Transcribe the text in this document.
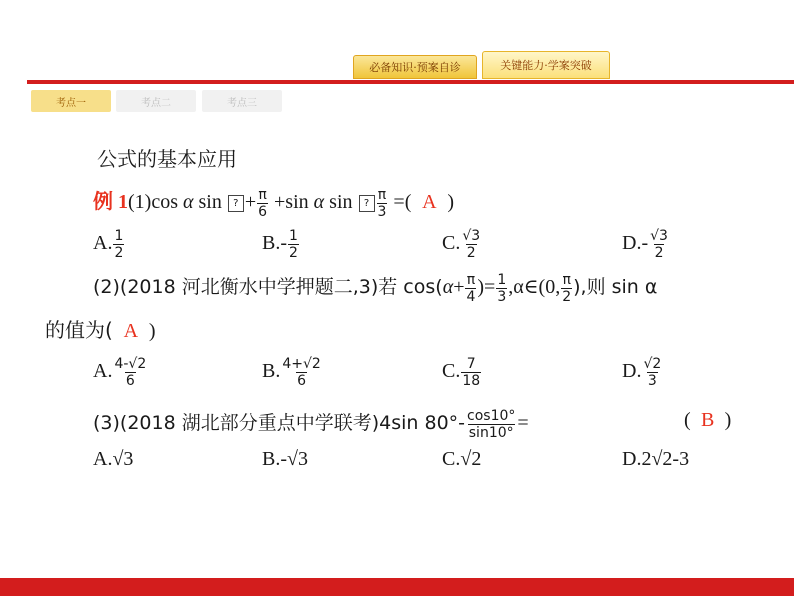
必备知识·预案自诊	关键能力·学案突破
考点一	考点二	考点三
公式的基本应用
例 1(1)cos α sin ? + $\frac{\pi}{6} +\sin$ α sin ? $\frac{\pi}{3}$ =( A )
A. $\frac{1}{2}$	$B.- \frac{1}{2}$	C. $\frac{√3}{2}$	$D.- \frac{√3}{2}$
(2)(2018 河北衡水中学押题二,3)若 $\cos(\alpha+ \frac{\pi}{4}$ )= $\frac{1}{3}$ ,α∈(0, $\frac{\pi}{2}$ ),则 sin α
的值为( A )
A. $\frac{4-√2}{6}$	B. $\frac{4+√2}{6}$	C. $\frac{7}{18}$	D. $\frac{√2}{3}$
(3)(2018 湖北部分重点中学联考)4sin $80^\circ- \frac{\cos 10^\circ}{\sin 10^\circ}$ =	( B )
A.√3	B.-√3	C.√2	D.2√2-3
